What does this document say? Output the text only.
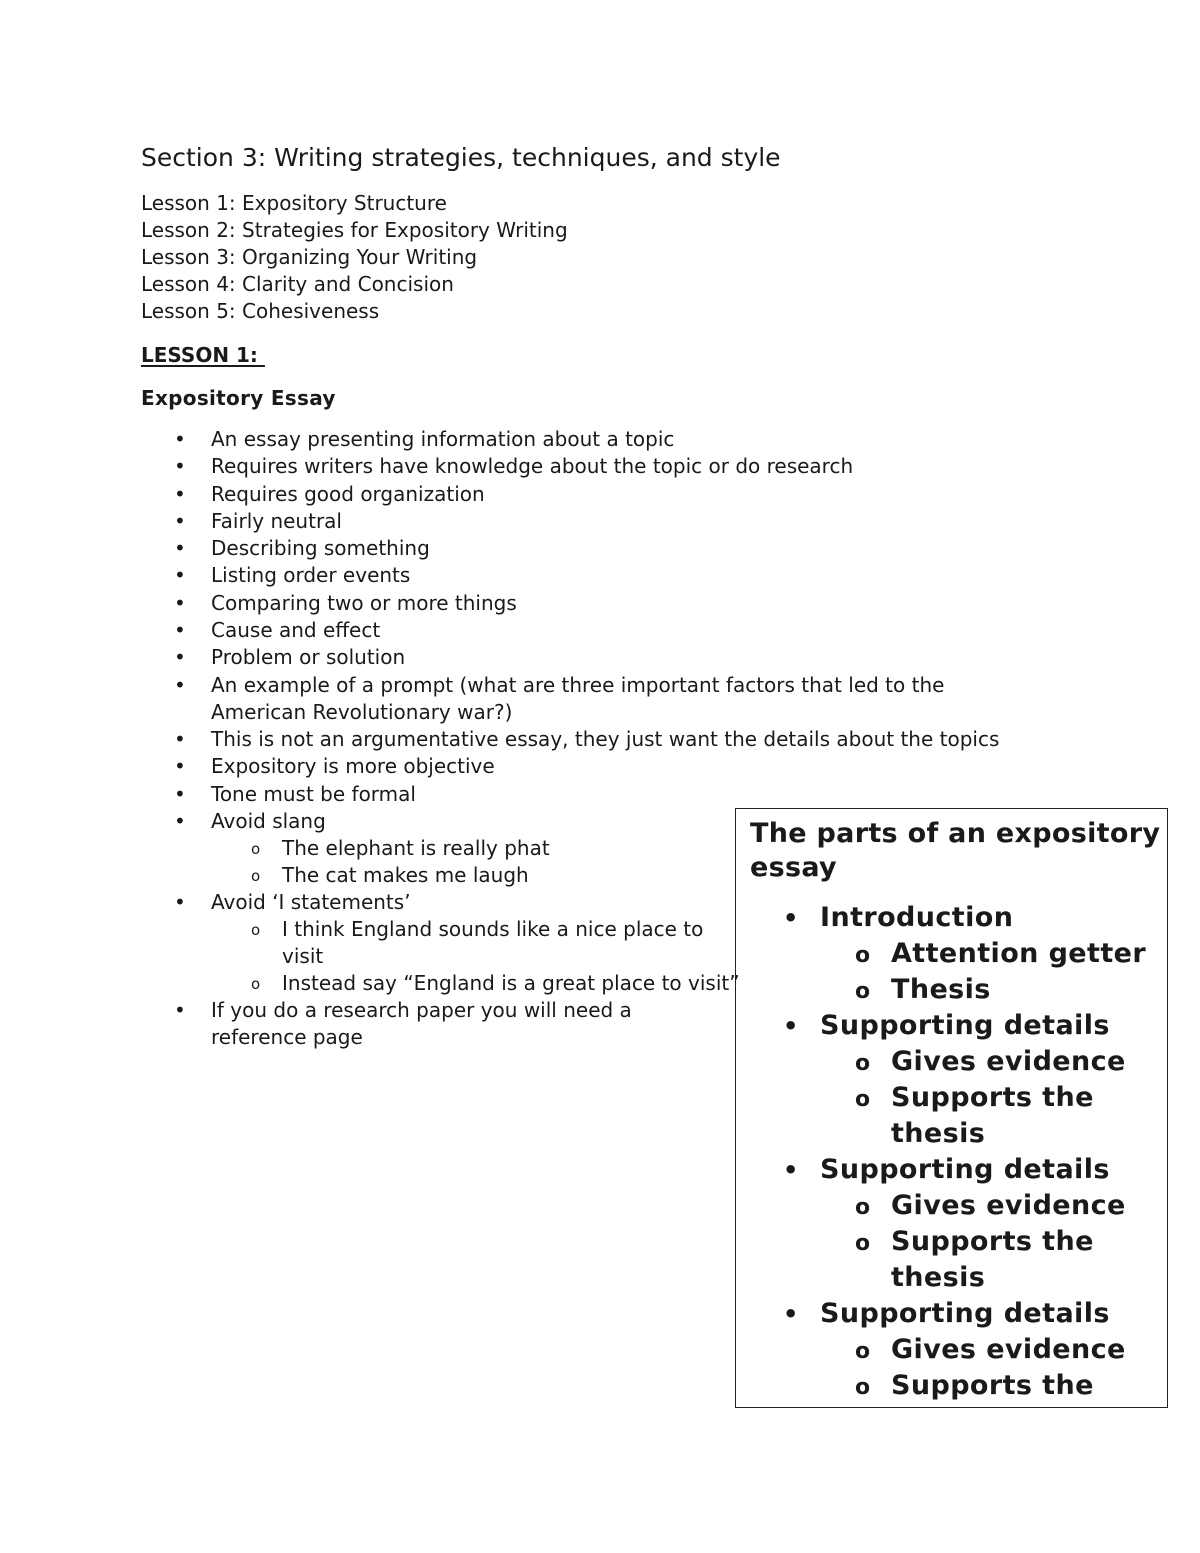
Section 3: Writing strategies, techniques, and style
Lesson 1: Expository Structure
Lesson 2: Strategies for Expository Writing
Lesson 3: Organizing Your Writing
Lesson 4: Clarity and Concision
Lesson 5: Cohesiveness
LESSON 1:
Expository Essay
• An essay presenting information about a topic
• Requires writers have knowledge about the topic or do research
• Requires good organization
• Fairly neutral
• Describing something
• Listing order events
• Comparing two or more things
• Cause and effect
• Problem or solution
• An example of a prompt (what are three important factors that led to the American Revolutionary war?)
• This is not an argumentative essay, they just want the details about the topics
• Expository is more objective
• Tone must be formal
• Avoid slang
o The elephant is really phat
o The cat makes me laugh
• Avoid ‘I statements’
o I think England sounds like a nice place to visit
o Instead say “England is a great place to visit”
• If you do a research paper you will need a reference page
The parts of an expository essay
• Introduction
o Attention getter
o Thesis
• Supporting details
o Gives evidence
o Supports the thesis
• Supporting details
o Gives evidence
o Supports the thesis
• Supporting details
o Gives evidence
o Supports the
